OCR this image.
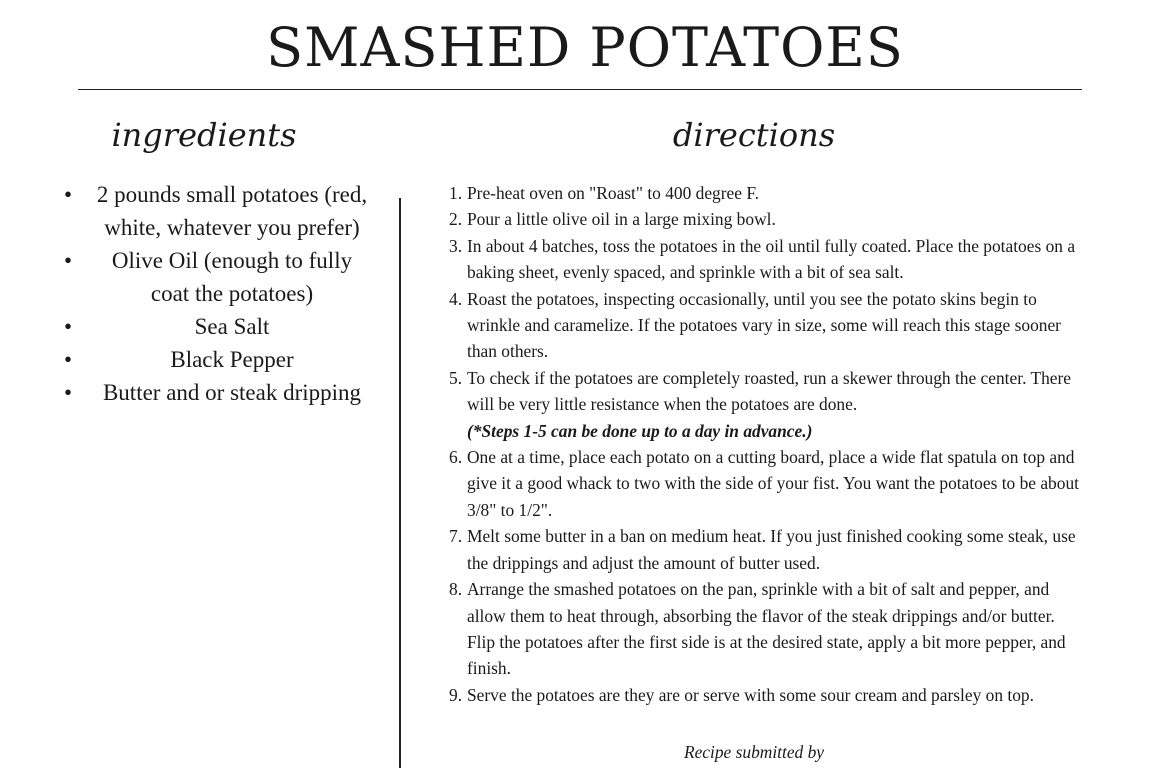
SMASHED POTATOES
ingredients	directions
• 2 pounds small potatoes (red, white, whatever you prefer)
• Olive Oil (enough to fully coat the potatoes)
•	Sea Salt
•	Black Pepper
• Butter and or steak dripping
1. Pre-heat oven on "Roast" to 400 degree F.
2. Pour a little olive oil in a large mixing bowl.
3. In about 4 batches, toss the potatoes in the oil until fully coated. Place the potatoes on a baking sheet, evenly spaced, and sprinkle with a bit of sea salt.
4. Roast the potatoes, inspecting occasionally, until you see the potato skins begin to wrinkle and caramelize. If the potatoes vary in size, some will reach this stage sooner than others.
5. To check if the potatoes are completely roasted, run a skewer through the center. There will be very little resistance when the potatoes are done.
(*Steps 1-5 can be done up to a day in advance.)
6. One at a time, place each potato on a cutting board, place a wide flat spatula on top and give it a good whack to two with the side of your fist. You want the potatoes to be about 3/8" to 1/2".
7. Melt some butter in a ban on medium heat. If you just finished cooking some steak, use the drippings and adjust the amount of butter used.
8. Arrange the smashed potatoes on the pan, sprinkle with a bit of salt and pepper, and allow them to heat through, absorbing the flavor of the steak drippings and/or butter. Flip the potatoes after the first side is at the desired state, apply a bit more pepper, and finish.
9. Serve the potatoes are they are or serve with some sour cream and parsley on top.
Recipe submitted by
